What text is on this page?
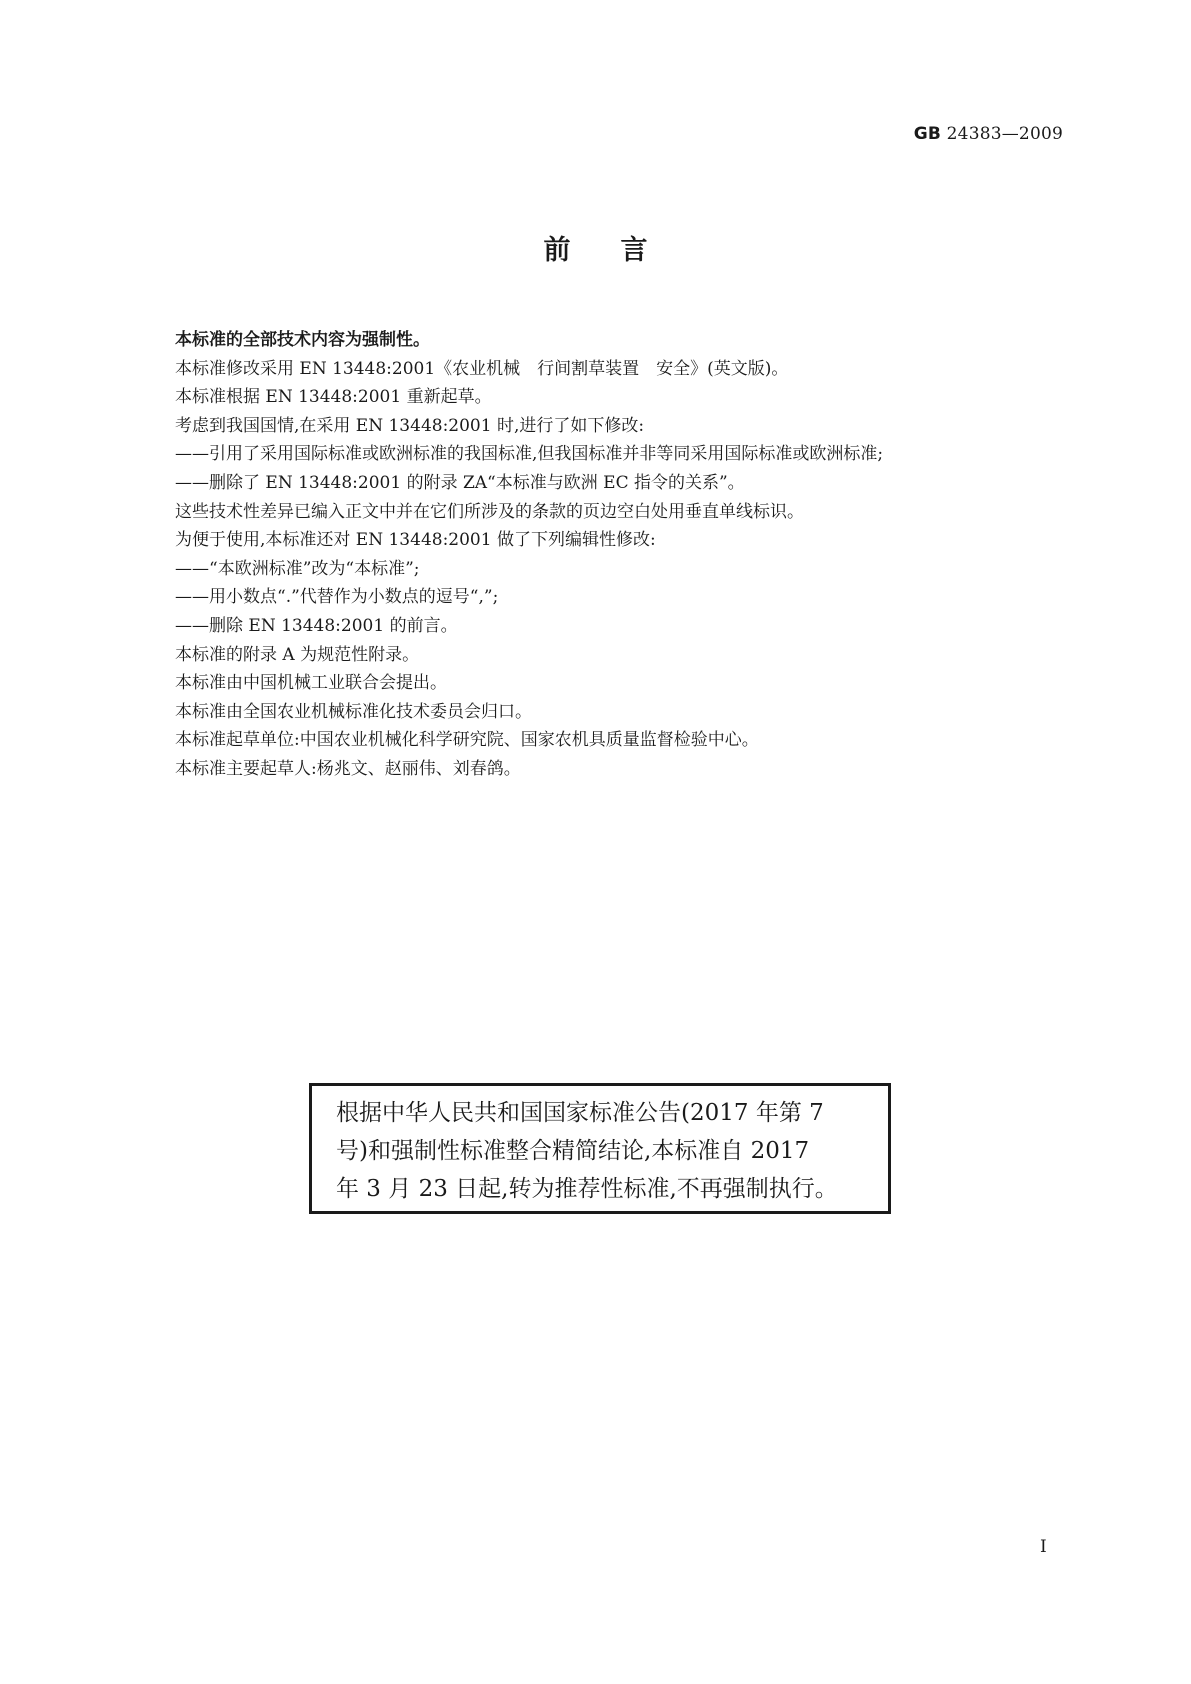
GB 24383—2009
前言

本标准的全部技术内容为强制性。

本标准修改采用 EN 13448:2001《农业机械　行间割草装置　安全》(英文版)。

本标准根据 EN 13448:2001 重新起草。

考虑到我国国情,在采用 EN 13448:2001 时,进行了如下修改:

——引用了采用国际标准或欧洲标准的我国标准,但我国标准并非等同采用国际标准或欧洲标准;

——删除了 EN 13448:2001 的附录 ZA“本标准与欧洲 EC 指令的关系”。

这些技术性差异已编入正文中并在它们所涉及的条款的页边空白处用垂直单线标识。

为便于使用,本标准还对 EN 13448:2001 做了下列编辑性修改:

——“本欧洲标准”改为“本标准”;

——用小数点“.”代替作为小数点的逗号“,”;

——删除 EN 13448:2001 的前言。

本标准的附录 A 为规范性附录。

本标准由中国机械工业联合会提出。

本标准由全国农业机械标准化技术委员会归口。

本标准起草单位:中国农业机械化科学研究院、国家农机具质量监督检验中心。

本标准主要起草人:杨兆文、赵丽伟、刘春鸽。

根据中华人民共和国国家标准公告(2017 年第 7

号)和强制性标准整合精简结论,本标准自 2017

年 3 月 23 日起,转为推荐性标准,不再强制执行。

I
